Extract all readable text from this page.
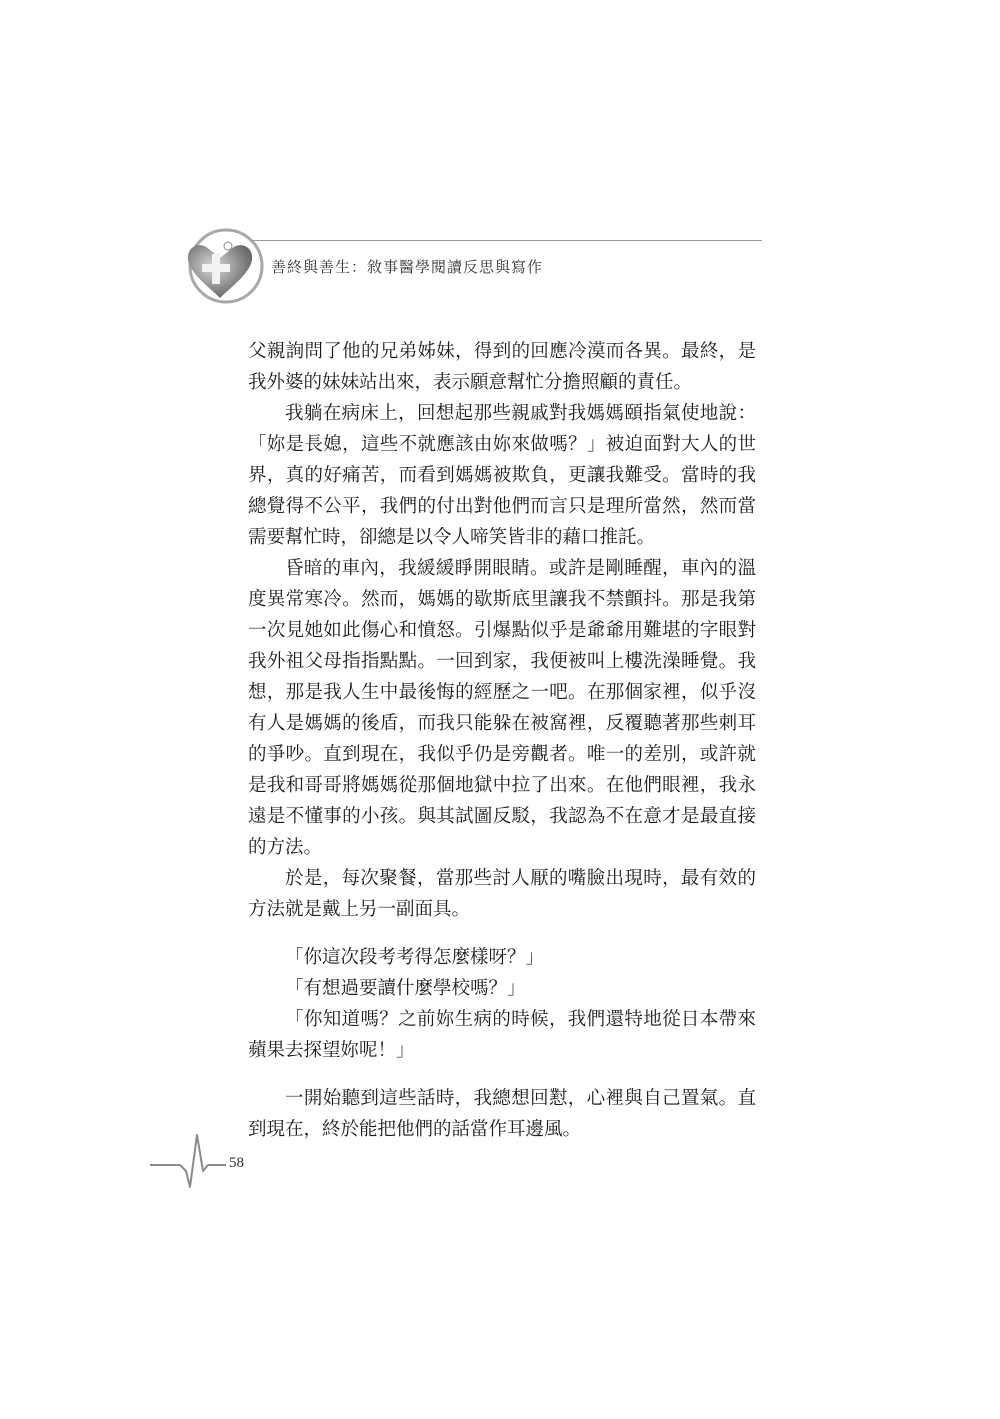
善終與善生：敘事醫學閱讀反思與寫作

父親詢問了他的兄弟姊妹，得到的回應冷漠而各異。最終，是我外婆的妹妹站出來，表示願意幫忙分擔照顧的責任。

我躺在病床上，回想起那些親戚對我媽媽頤指氣使地說：「妳是長媳，這些不就應該由妳來做嗎？」被迫面對大人的世界，真的好痛苦，而看到媽媽被欺負，更讓我難受。當時的我總覺得不公平，我們的付出對他們而言只是理所當然，然而當需要幫忙時，卻總是以令人啼笑皆非的藉口推託。

昏暗的車內，我緩緩睜開眼睛。或許是剛睡醒，車內的溫度異常寒冷。然而，媽媽的歇斯底里讓我不禁顫抖。那是我第一次見她如此傷心和憤怒。引爆點似乎是爺爺用難堪的字眼對我外祖父母指指點點。一回到家，我便被叫上樓洗澡睡覺。我想，那是我人生中最後悔的經歷之一吧。在那個家裡，似乎沒有人是媽媽的後盾，而我只能躲在被窩裡，反覆聽著那些刺耳的爭吵。直到現在，我似乎仍是旁觀者。唯一的差別，或許就是我和哥哥將媽媽從那個地獄中拉了出來。在他們眼裡，我永遠是不懂事的小孩。與其試圖反駁，我認為不在意才是最直接的方法。

於是，每次聚餐，當那些討人厭的嘴臉出現時，最有效的方法就是戴上另一副面具。

「你這次段考考得怎麼樣呀？」

「有想過要讀什麼學校嗎？」

「你知道嗎？之前妳生病的時候，我們還特地從日本帶來蘋果去探望妳呢！」

一開始聽到這些話時，我總想回懟，心裡與自己置氣。直到現在，終於能把他們的話當作耳邊風。

58
